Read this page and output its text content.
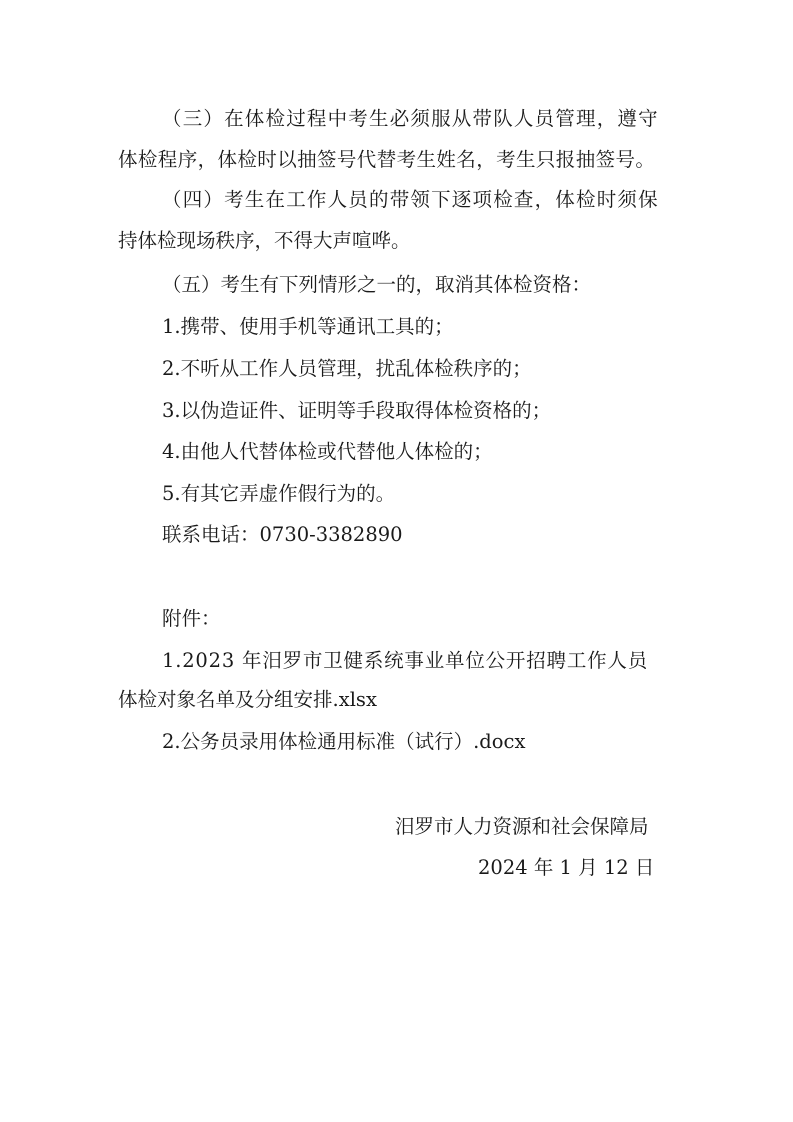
（三）在体检过程中考生必须服从带队人员管理，遵守
体检程序，体检时以抽签号代替考生姓名，考生只报抽签号。
（四）考生在工作人员的带领下逐项检查，体检时须保
持体检现场秩序，不得大声喧哗。
（五）考生有下列情形之一的，取消其体检资格：
1.携带、使用手机等通讯工具的；
2.不听从工作人员管理，扰乱体检秩序的；
3.以伪造证件、证明等手段取得体检资格的；
4.由他人代替体检或代替他人体检的；
5.有其它弄虚作假行为的。
联系电话：0730-3382890
附件：
1.2023 年汨罗市卫健系统事业单位公开招聘工作人员
体检对象名单及分组安排.xlsx
2.公务员录用体检通用标准（试行）.docx
汨罗市人力资源和社会保障局
2024 年 1 月 12 日
